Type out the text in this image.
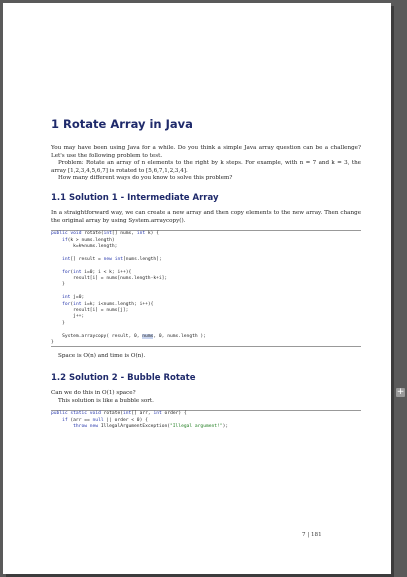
1 Rotate Array in Java

You may have been using Java for a while. Do you think a simple Java array question can be a challenge? Let's use the following problem to test.

Problem: Rotate an array of n elements to the right by k steps. For example, with n = 7 and k = 3, the array [1,2,3,4,5,6,7] is rotated to [5,6,7,1,2,3,4].

How many different ways do you know to solve this problem?

1.1 Solution 1 - Intermediate Array

In a straightforward way, we can create a new array and then copy elements to the new array. Then change the original array by using System.arraycopy().

public void rotate(int[] nums, int k) {
if(k > nums.length)
k=k%nums.length;

int[] result = new int[nums.length];

for(int i=0; i < k; i++){
result[i] = nums[nums.length-k+i];
}

int j=0;
for(int i=k; i<nums.length; i++){
result[i] = nums[j];
j++;
}

System.arraycopy( result, 0, nums, 0, nums.length );
}

Space is O(n) and time is O(n).

1.2 Solution 2 - Bubble Rotate

Can we do this in O(1) space?

This solution is like a bubble sort.

public static void rotate(int[] arr, int order) {
if (arr == null || order < 0) {
throw new IllegalArgumentException("Illegal argument!");
7 | 181
+
